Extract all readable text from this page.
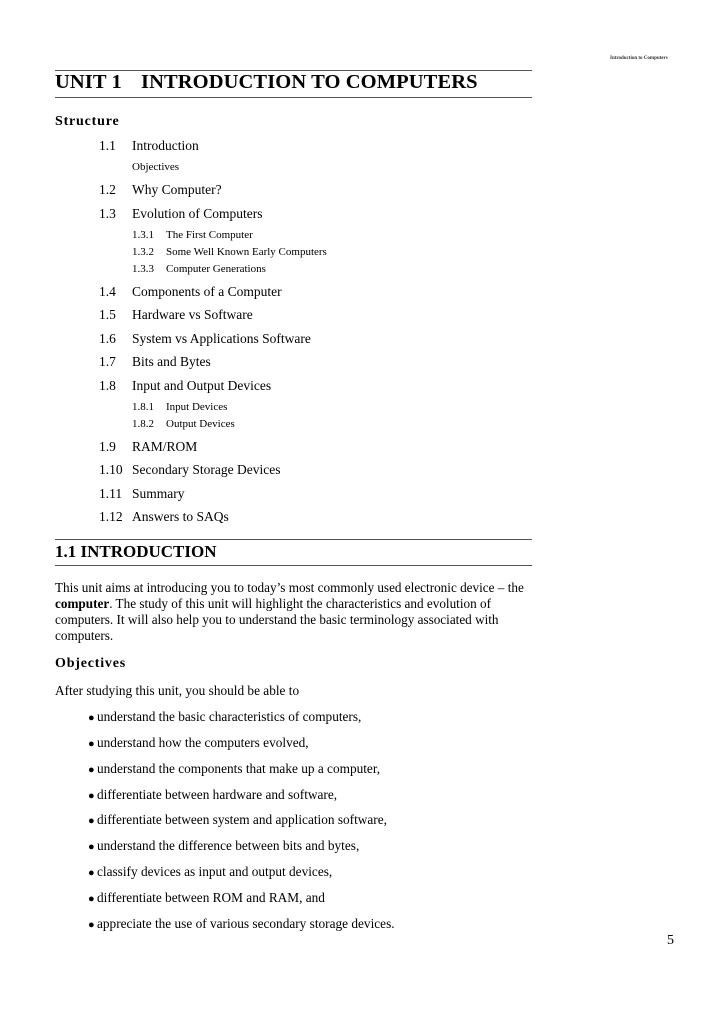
Introduction to Computers
UNIT 1 INTRODUCTION TO COMPUTERS
Structure
1.1 Introduction
Objectives
1.2 Why Computer?
1.3 Evolution of Computers
1.3.1 The First Computer
1.3.2 Some Well Known Early Computers
1.3.3 Computer Generations
1.4 Components of a Computer
1.5 Hardware vs Software
1.6 System vs Applications Software
1.7 Bits and Bytes
1.8 Input and Output Devices
1.8.1 Input Devices
1.8.2 Output Devices
1.9 RAM/ROM
1.10 Secondary Storage Devices
1.11 Summary
1.12 Answers to SAQs
1.1 INTRODUCTION
This unit aims at introducing you to today’s most commonly used electronic device – the computer. The study of this unit will highlight the characteristics and evolution of computers. It will also help you to understand the basic terminology associated with computers.
Objectives
After studying this unit, you should be able to
● understand the basic characteristics of computers,
● understand how the computers evolved,
● understand the components that make up a computer,
● differentiate between hardware and software,
● differentiate between system and application software,
● understand the difference between bits and bytes,
● classify devices as input and output devices,
● differentiate between ROM and RAM, and
● appreciate the use of various secondary storage devices.
5
